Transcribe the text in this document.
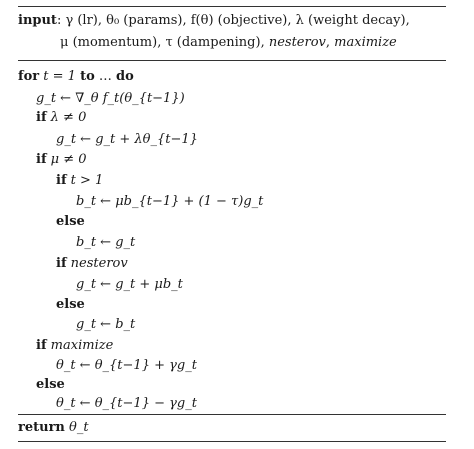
input: γ (lr), θ₀ (params), f(θ) (objective), λ (weight decay),
μ (momentum), τ (dampening), nesterov, maximize
for t = 1 to … do
g_t ← ∇_θ f_t(θ_{t−1})
if λ ≠ 0
g_t ← g_t + λθ_{t−1}
if μ ≠ 0
if t > 1
b_t ← μb_{t−1} + (1 − τ)g_t
else
b_t ← g_t
if nesterov
g_t ← g_t + μb_t
else
g_t ← b_t
if maximize
θ_t ← θ_{t−1} + γg_t
else
θ_t ← θ_{t−1} − γg_t
return θ_t
